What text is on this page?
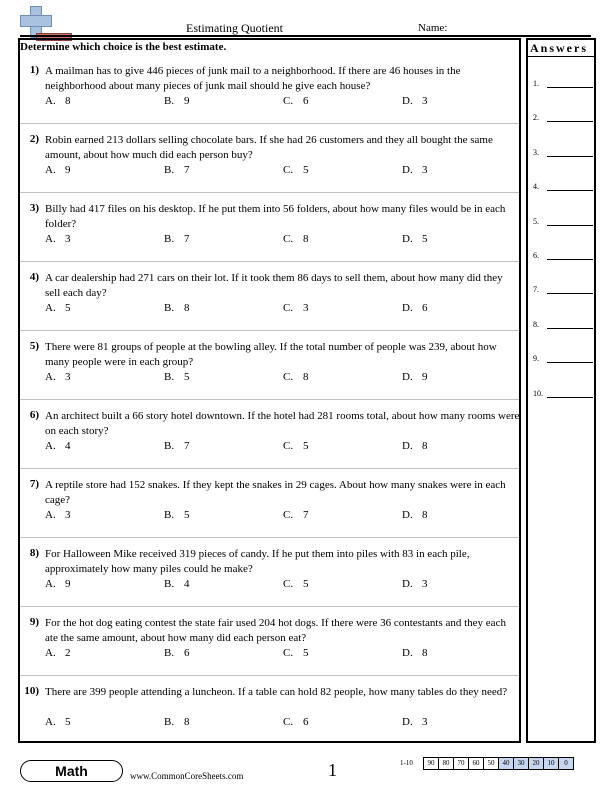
Estimating Quotient	Name:
Determine which choice is the best estimate.
1) A mailman has to give 446 pieces of junk mail to a neighborhood. If there are 46 houses in the neighborhood about many pieces of junk mail should he give each house?
A. 8	B. 9	C. 6	D. 3
2) Robin earned 213 dollars selling chocolate bars. If she had 26 customers and they all bought the same amount, about how much did each person buy?
A. 9	B. 7	C. 5	D. 3
3) Billy had 417 files on his desktop. If he put them into 56 folders, about how many files would be in each folder?
A. 3	B. 7	C. 8	D. 5
4) A car dealership had 271 cars on their lot. If it took them 86 days to sell them, about how many did they sell each day?
A. 5	B. 8	C. 3	D. 6
5) There were 81 groups of people at the bowling alley. If the total number of people was 239, about how many people were in each group?
A. 3	B. 5	C. 8	D. 9
6) An architect built a 66 story hotel downtown. If the hotel had 281 rooms total, about how many rooms were on each story?
A. 4	B. 7	C. 5	D. 8
7) A reptile store had 152 snakes. If they kept the snakes in 29 cages. About how many snakes were in each cage?
A. 3	B. 5	C. 7	D. 8
8) For Halloween Mike received 319 pieces of candy. If he put them into piles with 83 in each pile, approximately how many piles could he make?
A. 9	B. 4	C. 5	D. 3
9) For the hot dog eating contest the state fair used 204 hot dogs. If there were 36 contestants and they each ate the same amount, about how many did each person eat?
A. 2	B. 6	C. 5	D. 8
10) There are 399 people attending a luncheon. If a table can hold 82 people, how many tables do they need?
A. 5	B. 8	C. 6	D. 3
Answers
1.
2.
3.
4.
5.
6.
7.
8.
9.
10.
Math	www.CommonCoreSheets.com	1	1-10	90	80	70	60	50	40	30	20	10	0
